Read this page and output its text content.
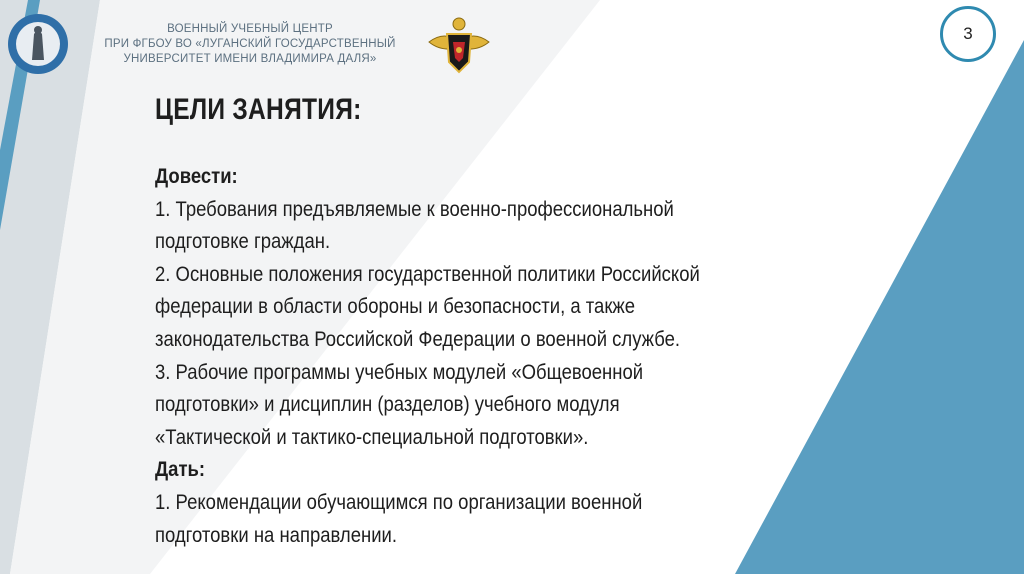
ВОЕННЫЙ УЧЕБНЫЙ ЦЕНТР
ПРИ ФГБОУ ВО «ЛУГАНСКИЙ ГОСУДАРСТВЕННЫЙ
УНИВЕРСИТЕТ ИМЕНИ ВЛАДИМИРА ДАЛЯ»
3
ЦЕЛИ ЗАНЯТИЯ:
Довести:
1. Требования предъявляемые к военно-профессиональной
подготовке граждан.
2. Основные положения государственной политики Российской
федерации в области обороны и безопасности, а также
законодательства Российской Федерации о военной службе.
3. Рабочие программы учебных модулей «Общевоенной
подготовки» и дисциплин (разделов) учебного модуля
«Тактической и тактико-специальной подготовки».
Дать:
1. Рекомендации обучающимся по организации военной
подготовки на направлении.
